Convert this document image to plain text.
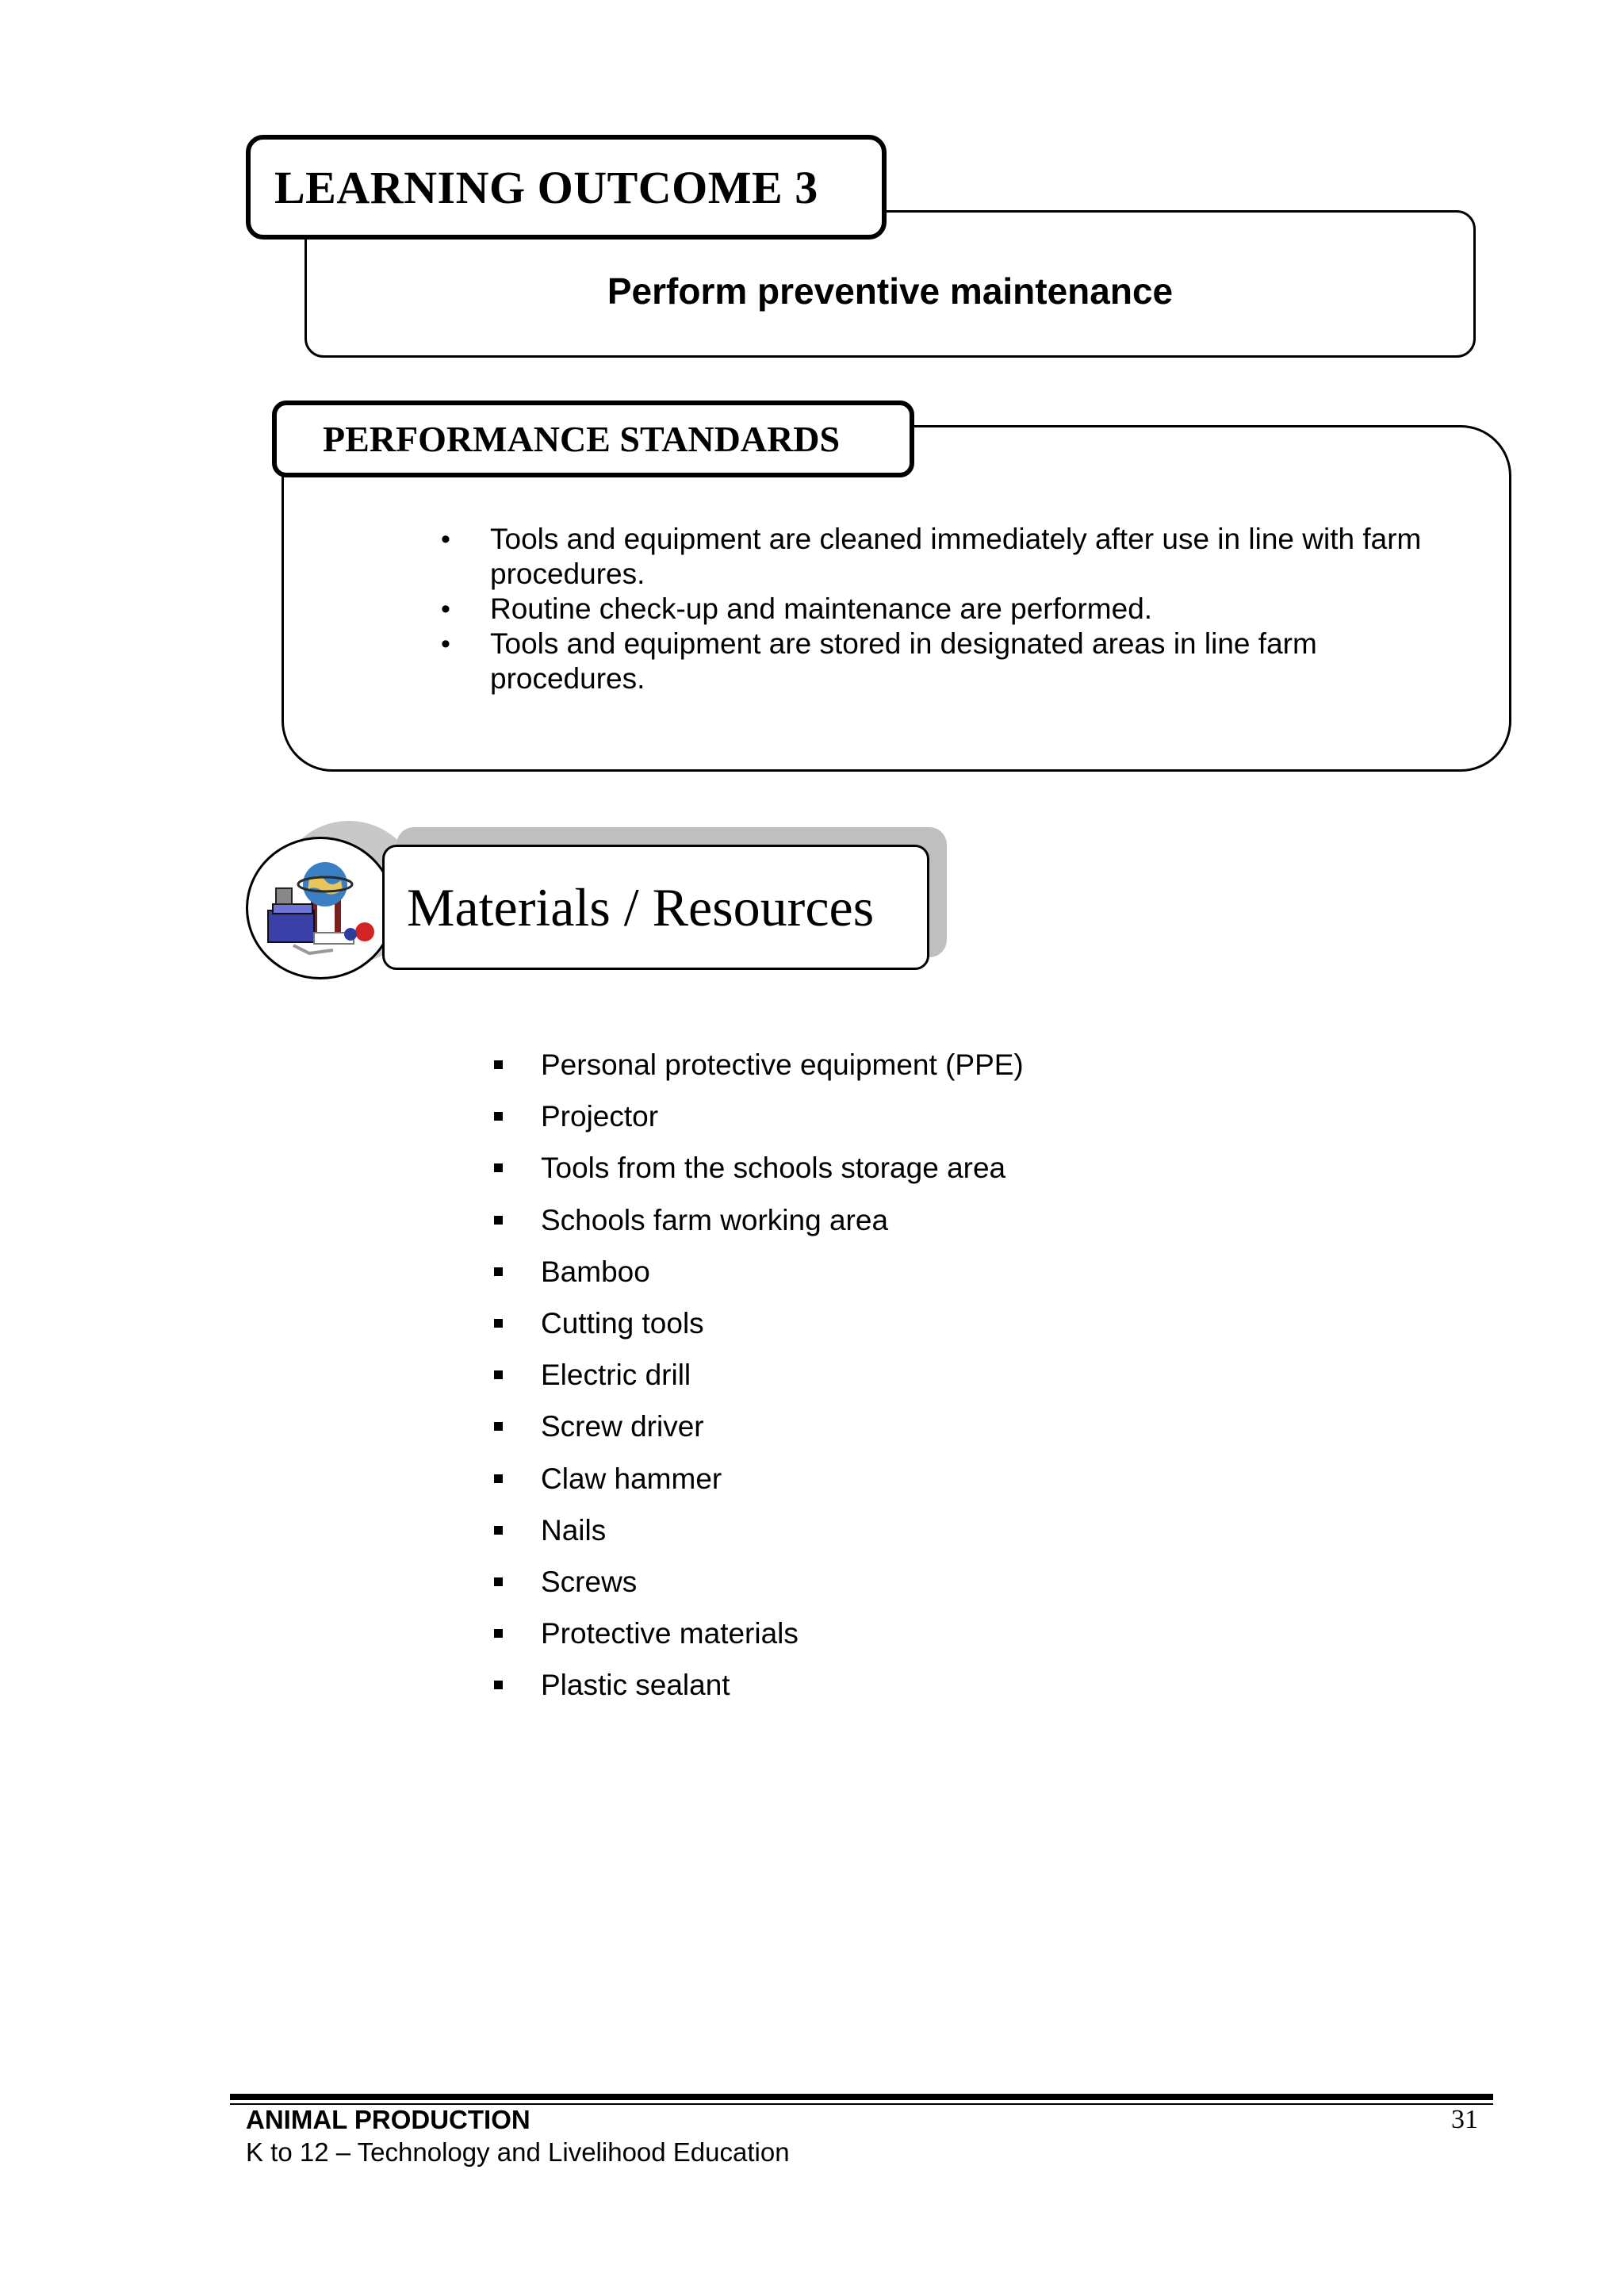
Perform preventive maintenance
LEARNING OUTCOME 3
PERFORMANCE STANDARDS
• Tools and equipment are cleaned immediately after use in line with farm
procedures.
• Routine check-up and maintenance are performed.
• Tools and equipment are stored in designated areas in line farm
procedures.
Materials / Resources
Personal protective equipment (PPE)
Projector
Tools from the schools storage area
Schools farm working area
Bamboo
Cutting tools
Electric drill
Screw driver
Claw hammer
Nails
Screws
Protective materials
Plastic sealant
ANIMAL PRODUCTION
K to 12 – Technology and Livelihood Education
31
